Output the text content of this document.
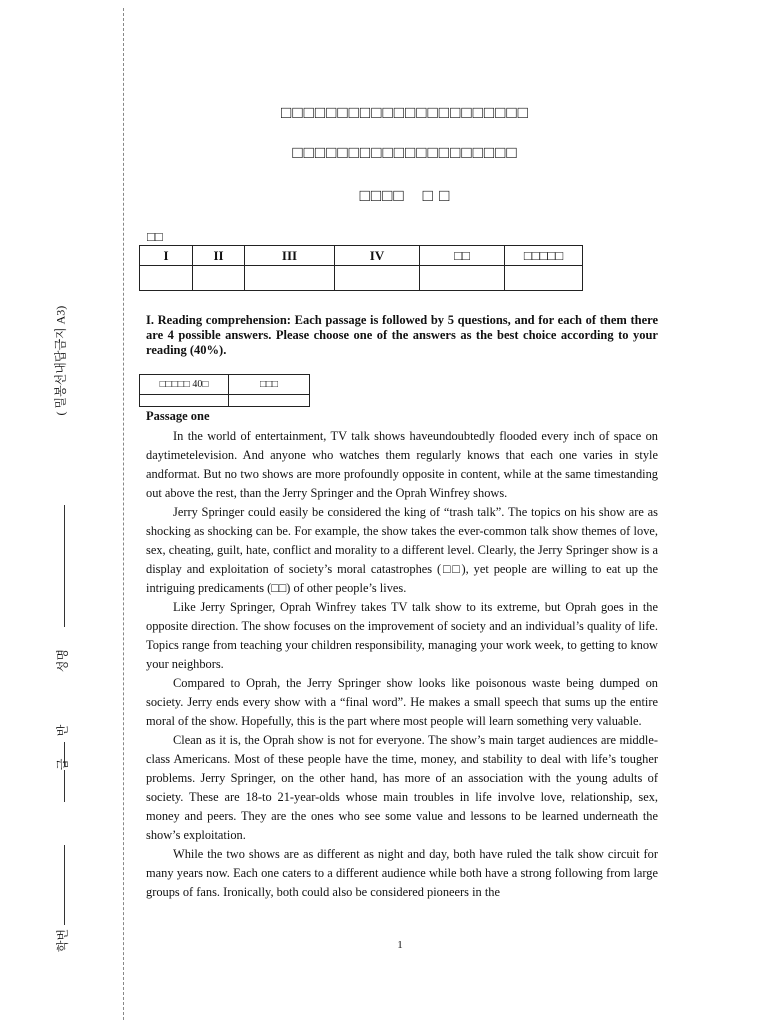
( 밀봉선내답금지 A3)
성명
반
급
학번
□□□□□□□□□□□□□□□□□□□□□□
□□□□□□□□□□□□□□□□□□□□
□□□□　□ □
□□
I	II	III	IV	□□	□□□□□

I. Reading comprehension: Each passage is followed by 5 questions, and for each of them there are 4 possible answers. Please choose one of the answers as the best choice according to your reading (40%).
□□□□□ 40□	□□□

Passage one

In the world of entertainment, TV talk shows haveundoubtedly flooded every inch of space on daytimetelevision. And anyone who watches them regularly knows that each one varies in style andformat. But no two shows are more profoundly opposite in content, while at the same timestanding out above the rest, than the Jerry Springer and the Oprah Winfrey shows.

Jerry Springer could easily be considered the king of “trash talk”. The topics on his show are as shocking as shocking can be. For example, the show takes the ever-common talk show themes of love, sex, cheating, guilt, hate, conflict and morality to a different level. Clearly, the Jerry Springer show is a display and exploitation of society’s moral catastrophes (□□), yet people are willing to eat up the intriguing predicaments (□□) of other people’s lives.

Like Jerry Springer, Oprah Winfrey takes TV talk show to its extreme, but Oprah goes in the opposite direction. The show focuses on the improvement of society and an individual’s quality of life. Topics range from teaching your children responsibility, managing your work week, to getting to know your neighbors.

Compared to Oprah, the Jerry Springer show looks like poisonous waste being dumped on society. Jerry ends every show with a “final word”. He makes a small speech that sums up the entire moral of the show. Hopefully, this is the part where most people will learn something very valuable.

Clean as it is, the Oprah show is not for everyone. The show’s main target audiences are middle-class Americans. Most of these people have the time, money, and stability to deal with life’s tougher problems. Jerry Springer, on the other hand, has more of an association with the young adults of society. These are 18-to 21-year-olds whose main troubles in life involve love, relationship, sex, money and peers. They are the ones who see some value and lessons to be learned underneath the show’s exploitation.

While the two shows are as different as night and day, both have ruled the talk show circuit for many years now. Each one caters to a different audience while both have a strong following from large groups of fans. Ironically, both could also be considered pioneers in the

1
